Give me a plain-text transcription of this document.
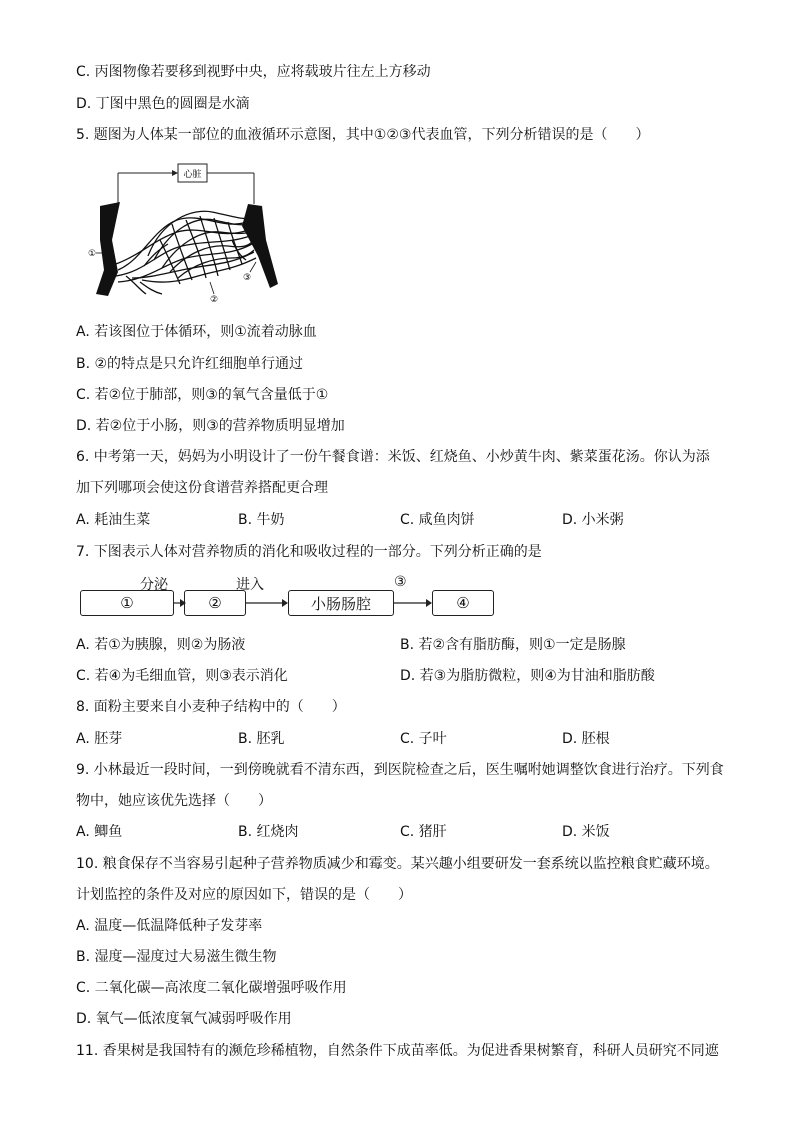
C. 丙图物像若要移到视野中央，应将载玻片往左上方移动
D. 丁图中黑色的圆圈是水滴
5. 题图为人体某一部位的血液循环示意图，其中①②③代表血管，下列分析错误的是（　　）
心脏
①
②
③
A. 若该图位于体循环，则①流着动脉血
B. ②的特点是只允许红细胞单行通过
C. 若②位于肺部，则③的氧气含量低于①
D. 若②位于小肠，则③的营养物质明显增加
6. 中考第一天，妈妈为小明设计了一份午餐食谱：米饭、红烧鱼、小炒黄牛肉、紫菜蛋花汤。你认为添
加下列哪项会使这份食谱营养搭配更合理
A. 耗油生菜	B. 牛奶	C. 咸鱼肉饼	D. 小米粥
7. 下图表示人体对营养物质的消化和吸收过程的一部分。下列分析正确的是
①	②	小肠肠腔	④
分泌	进入	③
A. 若①为胰腺，则②为肠液	B. 若②含有脂肪酶，则①一定是肠腺
C. 若④为毛细血管，则③表示消化	D. 若③为脂肪微粒，则④为甘油和脂肪酸
8. 面粉主要来自小麦种子结构中的（　　）
A. 胚芽	B. 胚乳	C. 子叶	D. 胚根
9. 小林最近一段时间，一到傍晚就看不清东西，到医院检查之后，医生嘱咐她调整饮食进行治疗。下列食
物中，她应该优先选择（　　）
A. 鲫鱼	B. 红烧肉	C. 猪肝	D. 米饭
10. 粮食保存不当容易引起种子营养物质减少和霉变。某兴趣小组要研发一套系统以监控粮食贮藏环境。
计划监控的条件及对应的原因如下，错误的是（　　）
A. 温度—低温降低种子发芽率
B. 湿度—湿度过大易滋生微生物
C. 二氧化碳—高浓度二氧化碳增强呼吸作用
D. 氧气—低浓度氧气减弱呼吸作用
11. 香果树是我国特有的濒危珍稀植物，自然条件下成苗率低。为促进香果树繁育，科研人员研究不同遮
